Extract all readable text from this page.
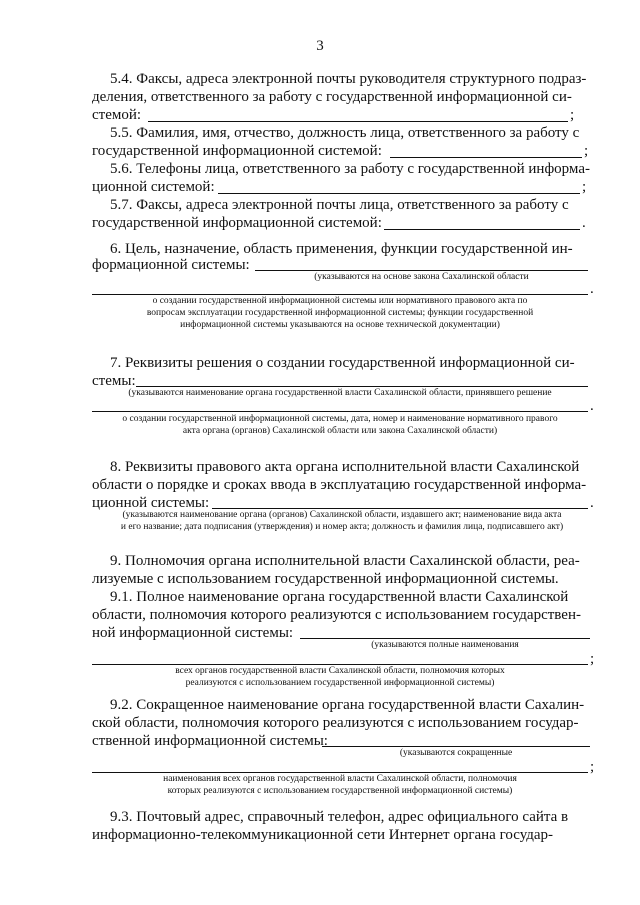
3
5.4. Факсы, адреса электронной почты руководителя структурного подраз-
деления, ответственного за работу с государственной информационной си-
стемой:	;
5.5. Фамилия, имя, отчество, должность лица, ответственного за работу с
государственной информационной системой:	;
5.6. Телефоны лица, ответственного за работу с государственной информа-
ционной системой:	;
5.7. Факсы, адреса электронной почты лица, ответственного за работу с
государственной информационной системой:	.
6. Цель, назначение, область применения, функции государственной ин-
формационной системы:
(указываются на основе закона Сахалинской области
.
о создании государственной информационной системы или нормативного правового акта по
вопросам эксплуатации государственной информационной системы; функции государственной
информационной системы указываются на основе технической документации)
7. Реквизиты решения о создании государственной информационной си-
стемы:
(указываются наименование органа государственной власти Сахалинской области, принявшего решение
.
о создании государственной информационной системы, дата, номер и наименование нормативного правого
акта органа (органов) Сахалинской области или закона Сахалинской области)
8. Реквизиты правового акта органа исполнительной власти Сахалинской
области о порядке и сроках ввода в эксплуатацию государственной информа-
ционной системы:	.
(указываются наименование органа (органов) Сахалинской области, издавшего акт; наименование вида акта
и его название; дата подписания (утверждения) и номер акта; должность и фамилия лица, подписавшего акт)
9. Полномочия органа исполнительной власти Сахалинской области, реа-
лизуемые с использованием государственной информационной системы.
9.1. Полное наименование органа государственной власти Сахалинской
области, полномочия которого реализуются с использованием государствен-
ной информационной системы:
(указываются полные наименования
;
всех органов государственной власти Сахалинской области, полномочия которых
реализуются с использованием государственной информационной системы)
9.2. Сокращенное наименование органа государственной власти Сахалин-
ской области, полномочия которого реализуются с использованием государ-
ственной информационной системы:
(указываются сокращенные
;
наименования всех органов государственной власти Сахалинской области, полномочия
которых реализуются с использованием государственной информационной системы)
9.3. Почтовый адрес, справочный телефон, адрес официального сайта в
информационно-телекоммуникационной сети Интернет органа государ-
